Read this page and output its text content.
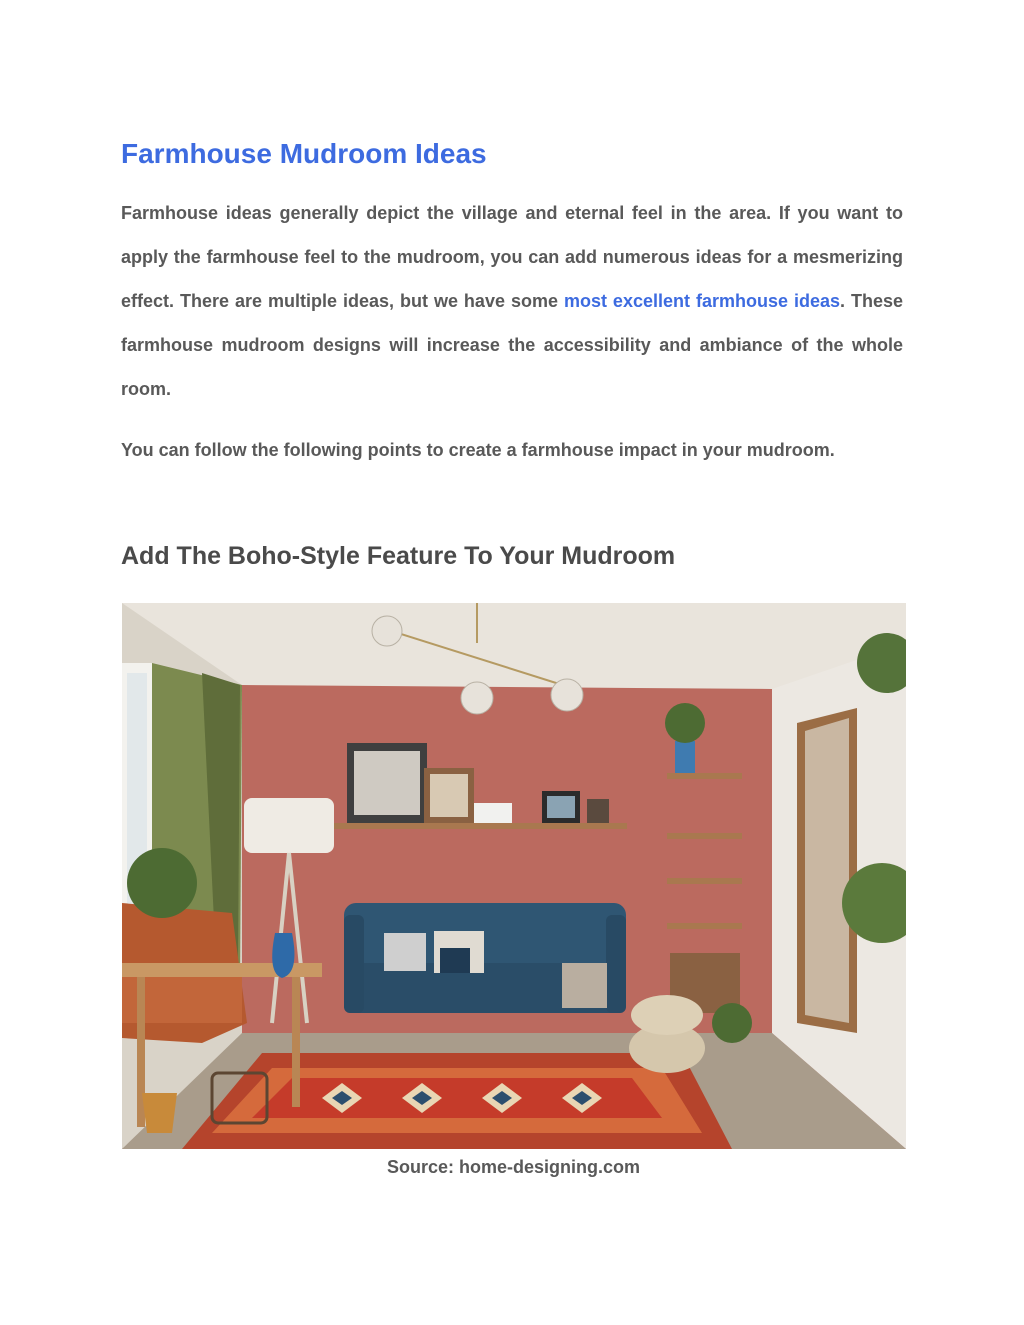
Farmhouse Mudroom Ideas

Farmhouse ideas generally depict the village and eternal feel in the area. If you want to apply the farmhouse feel to the mudroom, you can add numerous ideas for a mesmerizing effect. There are multiple ideas, but we have some most excellent farmhouse ideas. These farmhouse mudroom designs will increase the accessibility and ambiance of the whole room.

You can follow the following points to create a farmhouse impact in your mudroom.

Add The Boho-Style Feature To Your Mudroom
Source: home-designing.com
